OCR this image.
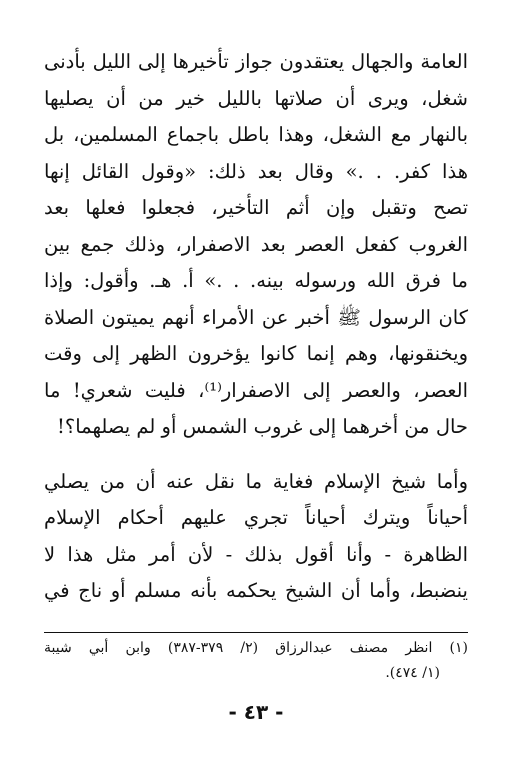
العامة والجهال يعتقدون جواز تأخيرها إلى الليل بأدنى
شغل، ويرى أن صلاتها بالليل خير من أن يصليها
بالنهار مع الشغل، وهذا باطل باجماع المسلمين، بل
هذا كفر. . .» وقال بعد ذلك: «وقول القائل إنها
تصح وتقبل وإن أثم التأخير، فجعلوا فعلها بعد
الغروب كفعل العصر بعد الاصفرار، وذلك جمع بين
ما فرق الله ورسوله بينه. . .» أ. هـ. وأقول: وإذا
كان الرسول ﷺ أخبر عن الأمراء أنهم يميتون الصلاة
ويخنقونها، وهم إنما كانوا يؤخرون الظهر إلى وقت
العصر، والعصر إلى الاصفرار⁽¹⁾، فليت شعري! ما
حال من أخرهما إلى غروب الشمس أو لم يصلهما؟!
وأما شيخ الإسلام فغاية ما نقل عنه أن من يصلي
أحياناً ويترك أحياناً تجري عليهم أحكام الإسلام
الظاهرة - وأنا أقول بذلك - لأن أمر مثل هذا لا
ينضبط، وأما أن الشيخ يحكمه بأنه مسلم أو ناج في
(١) انظر مصنف عبدالرزاق (٢/ ٣٧٩-٣٨٧) وابن أبي شيبة
(١/ ٤٧٤).
- ٤٣ -
